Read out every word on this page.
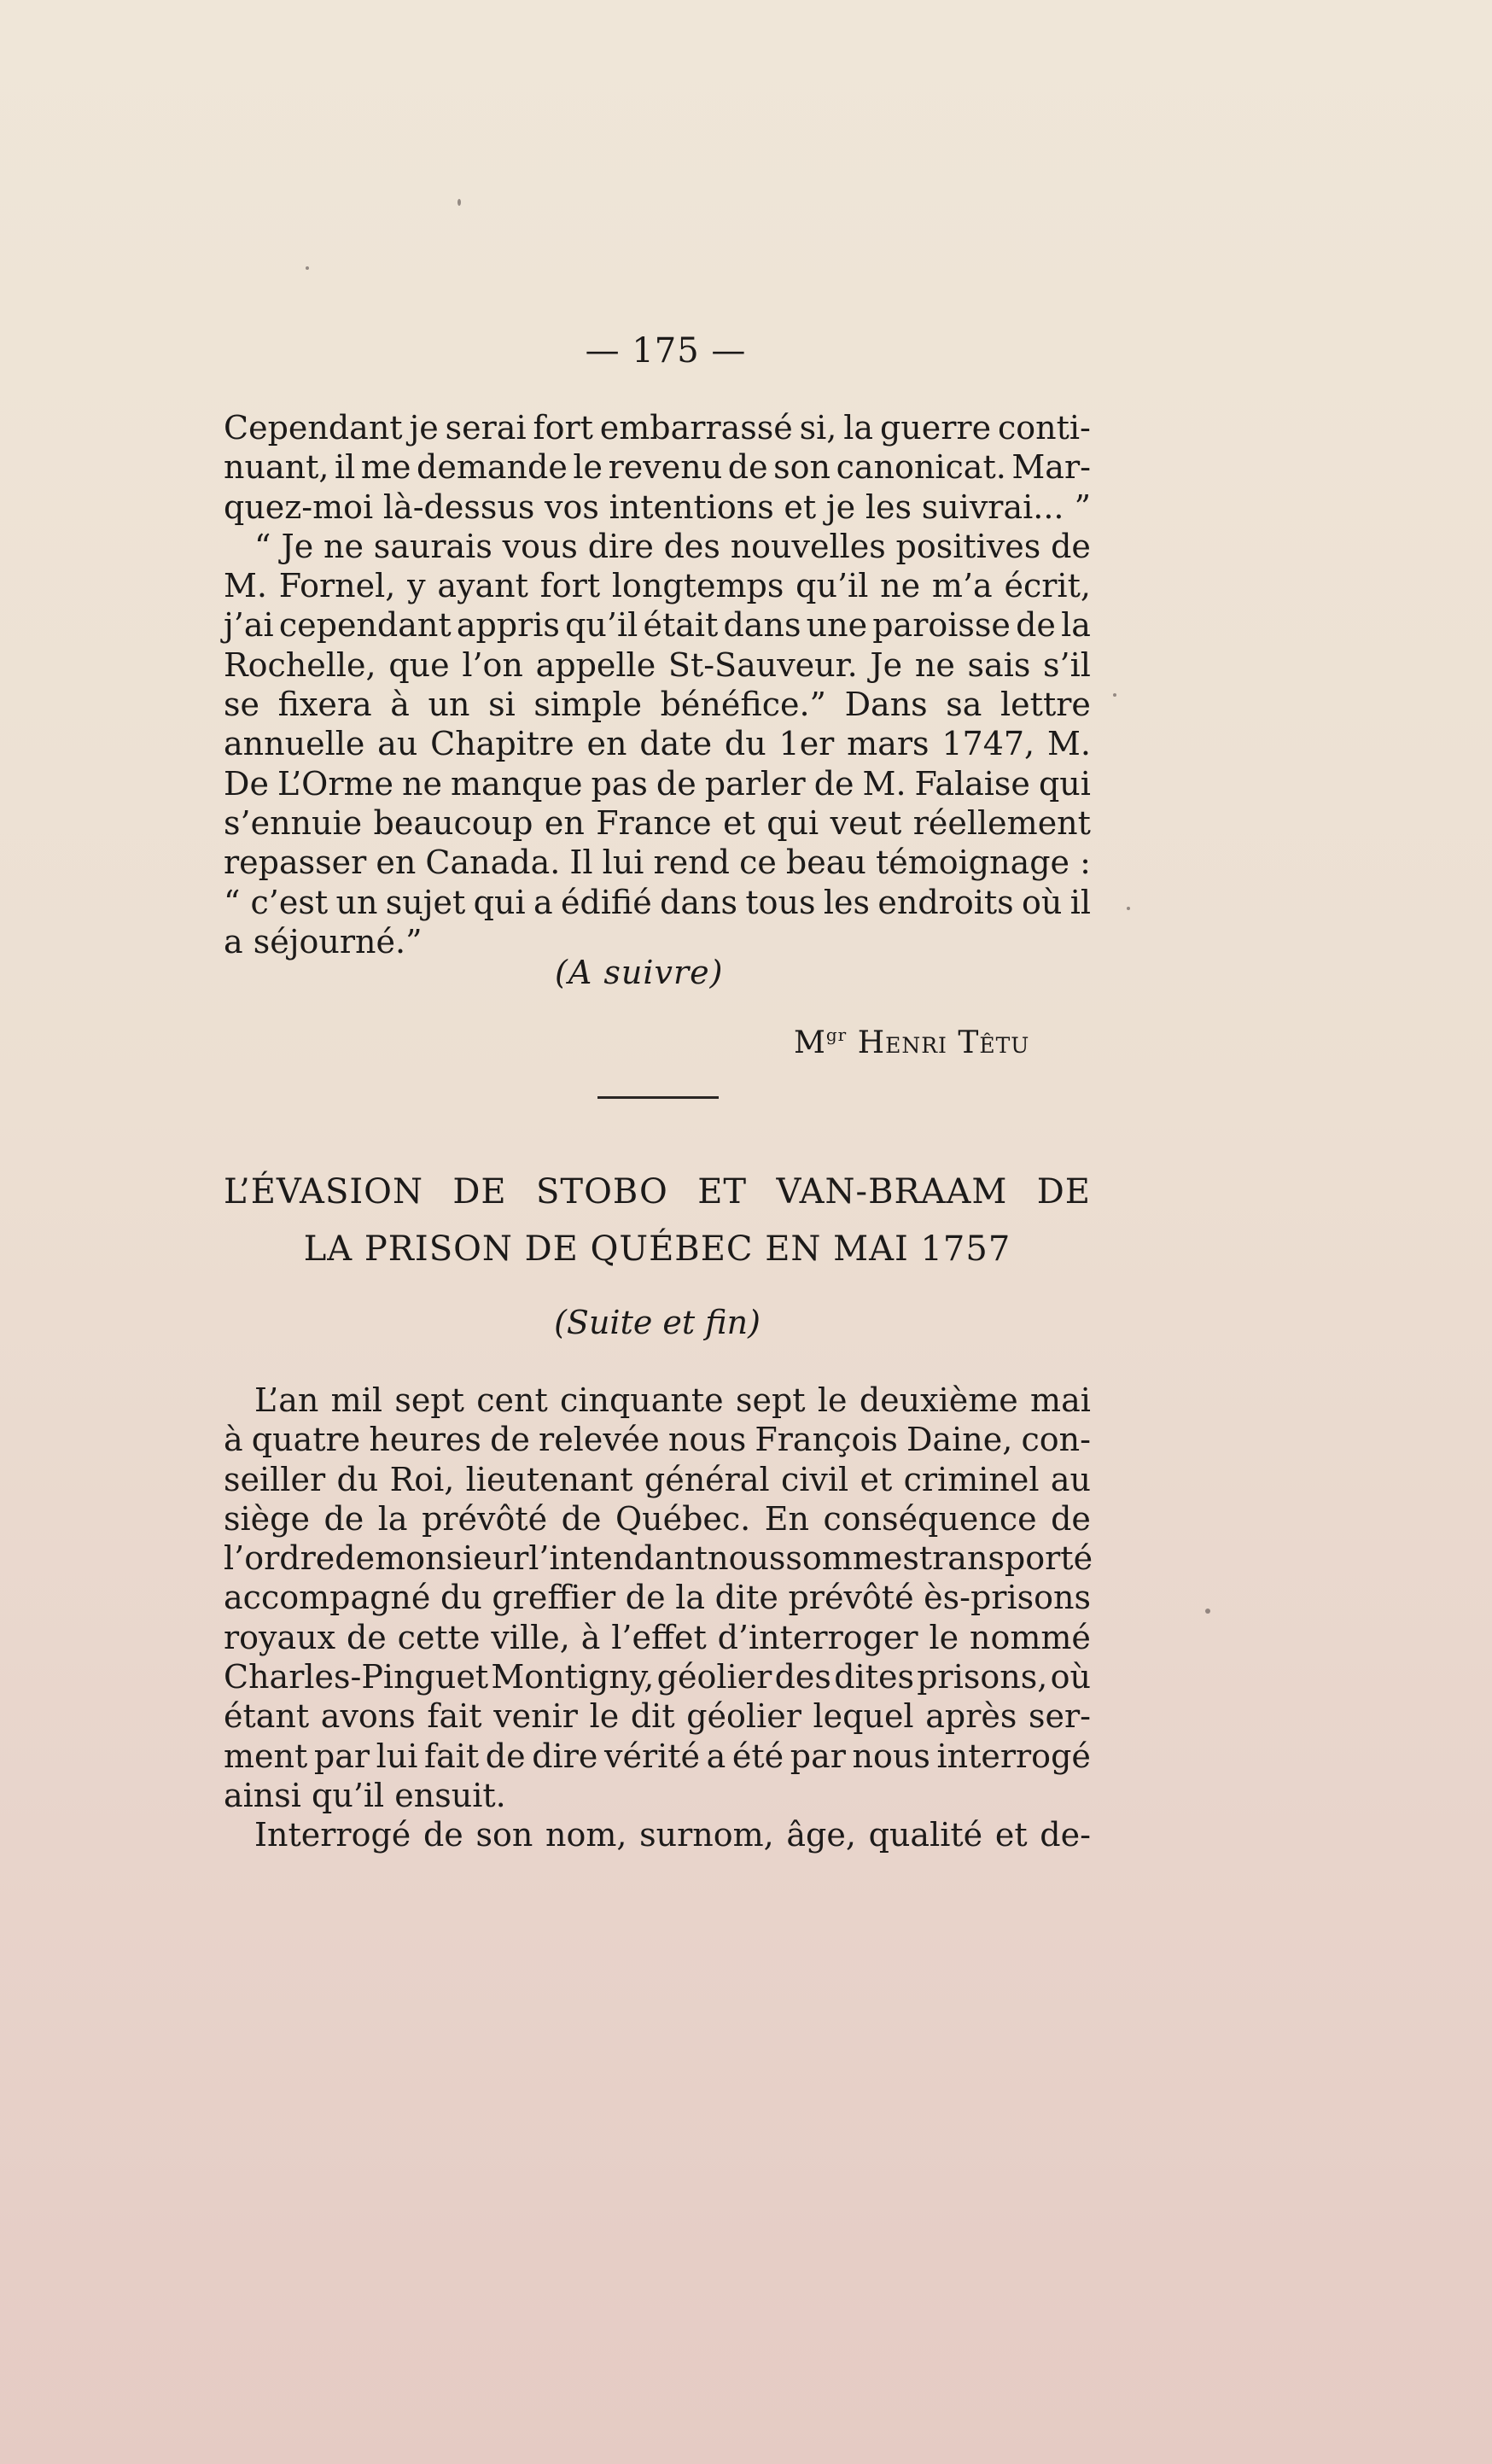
— 175 —
Cependant je serai fort embarrassé si, la guerre conti-
nuant, il me demande le revenu de son canonicat. Mar-
quez-moi là-dessus vos intentions et je les suivrai... ”
“ Je ne saurais vous dire des nouvelles positives de
M. Fornel, y ayant fort longtemps qu’il ne m’a écrit,
j’ai cependant appris qu’il était dans une paroisse de la
Rochelle, que l’on appelle St-Sauveur. Je ne sais s’il
se fixera à un si simple bénéfice.” Dans sa lettre
annuelle au Chapitre en date du 1er mars 1747, M.
De L’Orme ne manque pas de parler de M. Falaise qui
s’ennuie beaucoup en France et qui veut réellement
repasser en Canada. Il lui rend ce beau témoignage :
“ c’est un sujet qui a édifié dans tous les endroits où il
a séjourné.”
(A suivre)
$M^{gr}$ Henri Têtu
L’ÉVASION DE STOBO ET VAN-BRAAM DE
LA PRISON DE QUÉBEC EN MAI 1757
(Suite et fin)
L’an mil sept cent cinquante sept le deuxième mai
à quatre heures de relevée nous François Daine, con-
seiller du Roi, lieutenant général civil et criminel au
siège de la prévôté de Québec. En conséquence de
l’ordre de monsieur l’intendant nous sommes transporté
accompagné du greffier de la dite prévôté ès-prisons
royaux de cette ville, à l’effet d’interroger le nommé
Charles-Pinguet Montigny, géolier des dites prisons, où
étant avons fait venir le dit géolier lequel après ser-
ment par lui fait de dire vérité a été par nous interrogé
ainsi qu’il ensuit.
Interrogé de son nom, surnom, âge, qualité et de-
